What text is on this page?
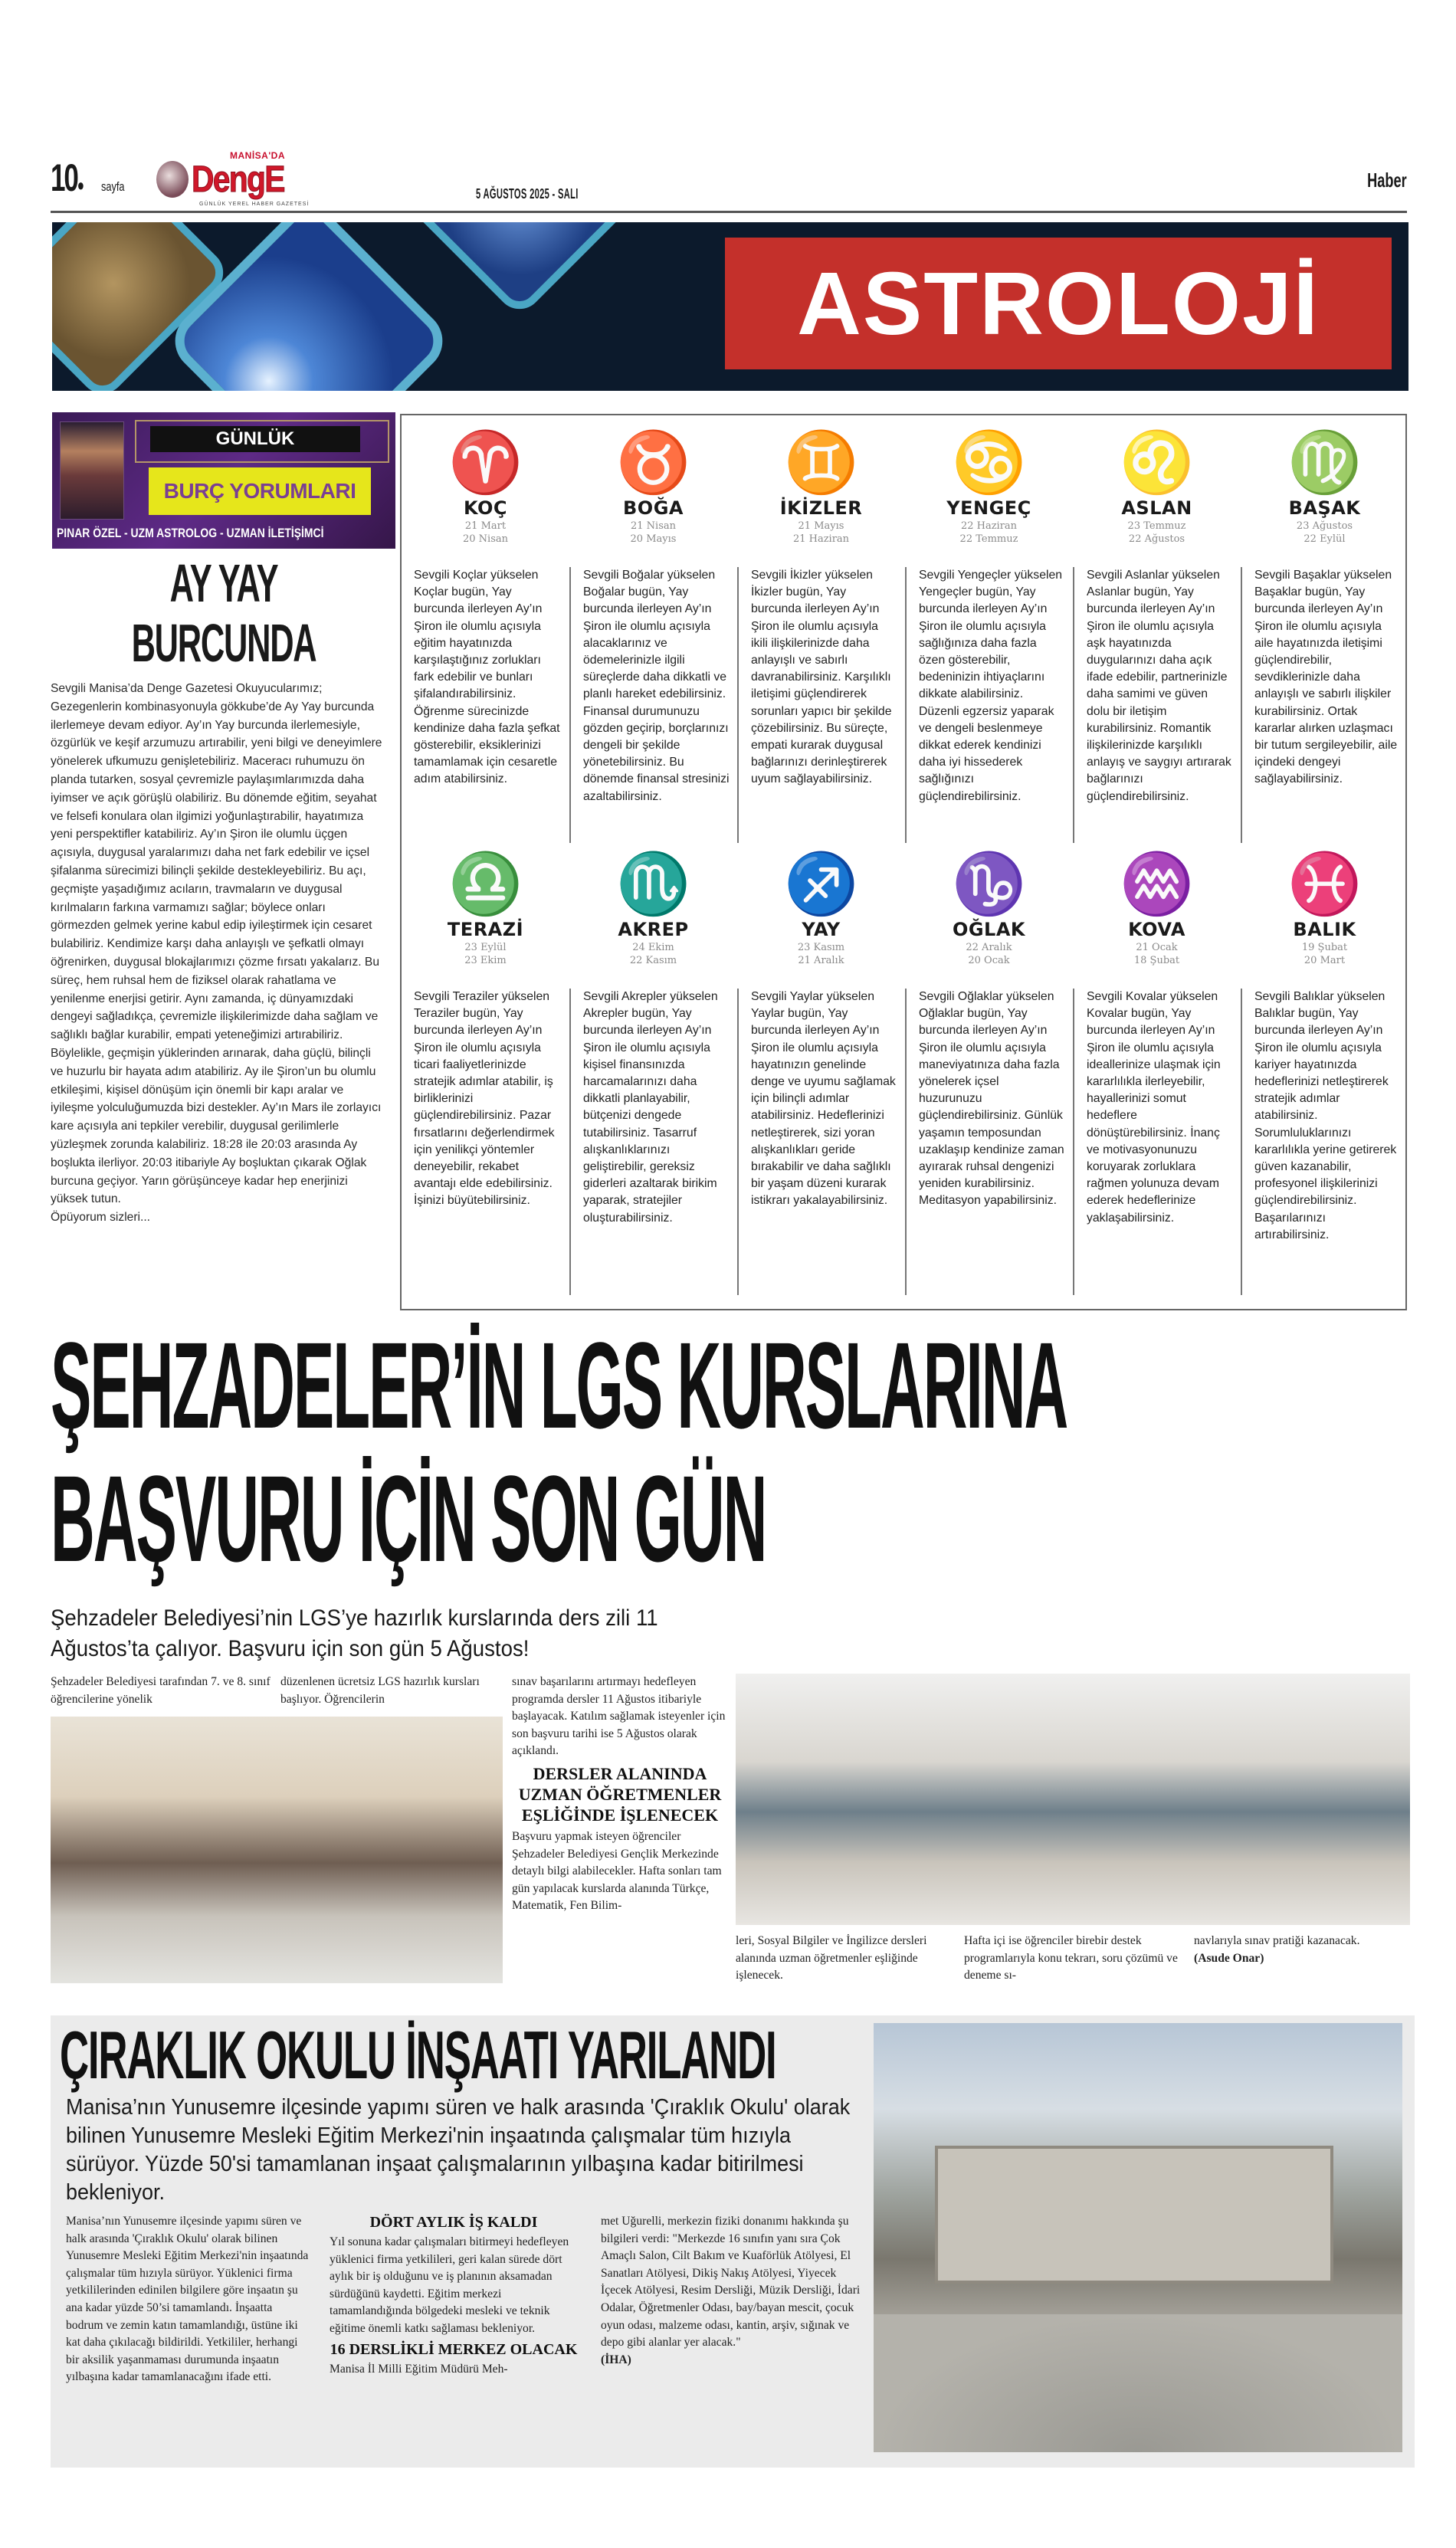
10● sayfa
MANİSA'DA
DengE
GÜNLÜK YEREL HABER GAZETESİ
5 AĞUSTOS 2025 - SALI
Haber
ASTROLOJİ
GÜNLÜK
BURÇ YORUMLARI
PINAR ÖZEL - UZM ASTROLOG - UZMAN İLETİŞİMCİ
AY YAY
BURCUNDA

Sevgili Manisa’da Denge Gazetesi Okuyucularımız; Gezegenlerin kombinasyonuyla gökkube’de Ay Yay burcunda ilerlemeye devam ediyor. Ay’ın Yay burcunda ilerlemesiyle, özgürlük ve keşif arzumuzu artırabilir, yeni bilgi ve deneyimlere yönelerek ufkumuzu genişletebiliriz. Maceracı ruhumuzu ön planda tutarken, sosyal çevremizle paylaşımlarımızda daha iyimser ve açık görüşlü olabiliriz. Bu dönemde eğitim, seyahat ve felsefi konulara olan ilgimizi yoğunlaştırabilir, hayatımıza yeni perspektifler katabiliriz. Ay’ın Şiron ile olumlu üçgen açısıyla, duygusal yaralarımızı daha net fark edebilir ve içsel şifalanma sürecimizi bilinçli şekilde destekleyebiliriz. Bu açı, geçmişte yaşadığımız acıların, travmaların ve duygusal kırılmaların farkına varmamızı sağlar; böylece onları görmezden gelmek yerine kabul edip iyileştirmek için cesaret bulabiliriz. Kendimize karşı daha anlayışlı ve şefkatli olmayı öğrenirken, duygusal blokajlarımızı çözme fırsatı yakalarız. Bu süreç, hem ruhsal hem de fiziksel olarak rahatlama ve yenilenme enerjisi getirir. Aynı zamanda, iç dünyamızdaki dengeyi sağladıkça, çevremizle ilişkilerimizde daha sağlam ve sağlıklı bağlar kurabilir, empati yeteneğimizi artırabiliriz. Böylelikle, geçmişin yüklerinden arınarak, daha güçlü, bilinçli ve huzurlu bir hayata adım atabiliriz. Ay ile Şiron’un bu olumlu etkileşimi, kişisel dönüşüm için önemli bir kapı aralar ve iyileşme yolculuğumuzda bizi destekler. Ay’ın Mars ile zorlayıcı kare açısıyla ani tepkiler verebilir, duygusal gerilimlerle yüzleşmek zorunda kalabiliriz. 18:28 ile 20:03 arasında Ay boşlukta ilerliyor. 20:03 itibariyle Ay boşluktan çıkarak Oğlak burcuna geçiyor. Yarın görüşünceye kadar hep enerjinizi yüksek tutun.

Öpüyorum sizleri...

♈
KOÇ
21 Mart
20 Nisan

Sevgili Koçlar yükselen Koçlar bugün, Yay burcunda ilerleyen Ay’ın Şiron ile olumlu açısıyla eğitim hayatınızda karşılaştığınız zorlukları fark edebilir ve bunları şifalandırabilirsiniz. Öğrenme sürecinizde kendinize daha fazla şefkat gösterebilir, eksiklerinizi tamamlamak için cesaretle adım atabilirsiniz.

♉
BOĞA
21 Nisan
20 Mayıs

Sevgili Boğalar yükselen Boğalar bugün, Yay burcunda ilerleyen Ay’ın Şiron ile olumlu açısıyla alacaklarınız ve ödemelerinizle ilgili süreçlerde daha dikkatli ve planlı hareket edebilirsiniz. Finansal durumunuzu gözden geçirip, borçlarınızı dengeli bir şekilde yönetebilirsiniz. Bu dönemde finansal stresinizi azaltabilirsiniz.

♊
İKİZLER
21 Mayıs
21 Haziran

Sevgili İkizler yükselen İkizler bugün, Yay burcunda ilerleyen Ay’ın Şiron ile olumlu açısıyla ikili ilişkilerinizde daha anlayışlı ve sabırlı davranabilirsiniz. Karşılıklı iletişimi güçlendirerek sorunları yapıcı bir şekilde çözebilirsiniz. Bu süreçte, empati kurarak duygusal bağlarınızı derinleştirerek uyum sağlayabilirsiniz.

♋
YENGEÇ
22 Haziran
22 Temmuz

Sevgili Yengeçler yükselen Yengeçler bugün, Yay burcunda ilerleyen Ay’ın Şiron ile olumlu açısıyla sağlığınıza daha fazla özen gösterebilir, bedeninizin ihtiyaçlarını dikkate alabilirsiniz. Düzenli egzersiz yaparak ve dengeli beslenmeye dikkat ederek kendinizi daha iyi hissederek sağlığınızı güçlendirebilirsiniz.

♌
ASLAN
23 Temmuz
22 Ağustos

Sevgili Aslanlar yükselen Aslanlar bugün, Yay burcunda ilerleyen Ay’ın Şiron ile olumlu açısıyla aşk hayatınızda duygularınızı daha açık ifade edebilir, partnerinizle daha samimi ve güven dolu bir iletişim kurabilirsiniz. Romantik ilişkilerinizde karşılıklı anlayış ve saygıyı artırarak bağlarınızı güçlendirebilirsiniz.

♍
BAŞAK
23 Ağustos
22 Eylül

Sevgili Başaklar yükselen Başaklar bugün, Yay burcunda ilerleyen Ay’ın Şiron ile olumlu açısıyla aile hayatınızda iletişimi güçlendirebilir, sevdiklerinizle daha anlayışlı ve sabırlı ilişkiler kurabilirsiniz. Ortak kararlar alırken uzlaşmacı bir tutum sergileyebilir, aile içindeki dengeyi sağlayabilirsiniz.

♎
TERAZİ
23 Eylül
23 Ekim

Sevgili Teraziler yükselen Teraziler bugün, Yay burcunda ilerleyen Ay’ın Şiron ile olumlu açısıyla ticari faaliyetlerinizde stratejik adımlar atabilir, iş birliklerinizi güçlendirebilirsiniz. Pazar fırsatlarını değerlendirmek için yenilikçi yöntemler deneyebilir, rekabet avantajı elde edebilirsiniz. İşinizi büyütebilirsiniz.

♏
AKREP
24 Ekim
22 Kasım

Sevgili Akrepler yükselen Akrepler bugün, Yay burcunda ilerleyen Ay’ın Şiron ile olumlu açısıyla kişisel finansınızda harcamalarınızı daha dikkatli planlayabilir, bütçenizi dengede tutabilirsiniz. Tasarruf alışkanlıklarınızı geliştirebilir, gereksiz giderleri azaltarak birikim yaparak, stratejiler oluşturabilirsiniz.

♐
YAY
23 Kasım
21 Aralık

Sevgili Yaylar yükselen Yaylar bugün, Yay burcunda ilerleyen Ay’ın Şiron ile olumlu açısıyla hayatınızın genelinde denge ve uyumu sağlamak için bilinçli adımlar atabilirsiniz. Hedeflerinizi netleştirerek, sizi yoran alışkanlıkları geride bırakabilir ve daha sağlıklı bir yaşam düzeni kurarak istikrarı yakalayabilirsiniz.

♑
OĞLAK
22 Aralık
20 Ocak

Sevgili Oğlaklar yükselen Oğlaklar bugün, Yay burcunda ilerleyen Ay’ın Şiron ile olumlu açısıyla maneviyatınıza daha fazla yönelerek içsel huzurunuzu güçlendirebilirsiniz. Günlük yaşamın temposundan uzaklaşıp kendinize zaman ayırarak ruhsal dengenizi yeniden kurabilirsiniz. Meditasyon yapabilirsiniz.

♒
KOVA
21 Ocak
18 Şubat

Sevgili Kovalar yükselen Kovalar bugün, Yay burcunda ilerleyen Ay’ın Şiron ile olumlu açısıyla ideallerinize ulaşmak için kararlılıkla ilerleyebilir, hayallerinizi somut hedeflere dönüştürebilirsiniz. İnanç ve motivasyonunuzu koruyarak zorluklara rağmen yolunuza devam ederek hedeflerinize yaklaşabilirsiniz.

♓
BALIK
19 Şubat
20 Mart

Sevgili Balıklar yükselen Balıklar bugün, Yay burcunda ilerleyen Ay’ın Şiron ile olumlu açısıyla kariyer hayatınızda hedeflerinizi netleştirerek stratejik adımlar atabilirsiniz. Sorumluluklarınızı kararlılıkla yerine getirerek güven kazanabilir, profesyonel ilişkilerinizi güçlendirebilirsiniz. Başarılarınızı artırabilirsiniz.

ŞEHZADELER’İN LGS KURSLARINA
BAŞVURU İÇİN SON GÜN

Şehzadeler Belediyesi’nin LGS’ye hazırlık kurslarında ders zili 11 Ağustos’ta çalıyor. Başvuru için son gün 5 Ağustos!

Şehzadeler Belediyesi tarafından 7. ve 8. sınıf öğrencilerine yönelik

düzenlenen ücretsiz LGS hazırlık kursları başlıyor. Öğrencilerin

sınav başarılarını artırmayı hedefleyen programda dersler 11 Ağustos itibariyle başlayacak. Katılım sağlamak isteyenler için son başvuru tarihi ise 5 Ağustos olarak açıklandı.

DERSLER ALANINDA UZMAN ÖĞRETMENLER EŞLİĞİNDE İŞLENECEK

Başvuru yapmak isteyen öğrenciler Şehzadeler Belediyesi Gençlik Merkezinde detaylı bilgi alabilecekler. Hafta sonları tam gün yapılacak kurslarda alanında Türkçe, Matematik, Fen Bilim-

leri, Sosyal Bilgiler ve İngilizce dersleri alanında uzman öğretmenler eşliğinde işlenecek.

Hafta içi ise öğrenciler birebir destek programlarıyla konu tekrarı, soru çözümü ve deneme sı-

navlarıyla sınav pratiği kazanacak.
(Asude Onar)
ÇIRAKLIK OKULU İNŞAATI YARILANDI

Manisa’nın Yunusemre ilçesinde yapımı süren ve halk arasında 'Çıraklık Okulu' olarak bilinen Yunusemre Mesleki Eğitim Merkezi'nin inşaatında çalışmalar tüm hızıyla sürüyor. Yüzde 50'si tamamlanan inşaat çalışmalarının yılbaşına kadar bitirilmesi bekleniyor.

Manisa’nın Yunusemre ilçesinde yapımı süren ve halk arasında 'Çıraklık Okulu' olarak bilinen Yunusemre Mesleki Eğitim Merkezi'nin inşaatında çalışmalar tüm hızıyla sürüyor. Yüklenici firma yetkililerinden edinilen bilgilere göre inşaatın şu ana kadar yüzde 50’si tamamlandı. İnşaatta bodrum ve zemin katın tamamlandığı, üstüne iki kat daha çıkılacağı bildirildi. Yetkililer, herhangi bir aksilik yaşanmaması durumunda inşaatın yılbaşına kadar tamamlanacağını ifade etti.

DÖRT AYLIK İŞ KALDI

Yıl sonuna kadar çalışmaları bitirmeyi hedefleyen yüklenici firma yetkilileri, geri kalan sürede dört aylık bir iş olduğunu ve iş planının aksamadan sürdüğünü kaydetti. Eğitim merkezi tamamlandığında bölgedeki mesleki ve teknik eğitime önemli katkı sağlaması bekleniyor.

16 DERSLİKLİ MERKEZ OLACAK

Manisa İl Milli Eğitim Müdürü Meh-

met Uğurelli, merkezin fiziki donanımı hakkında şu bilgileri verdi: "Merkezde 16 sınıfın yanı sıra Çok Amaçlı Salon, Cilt Bakım ve Kuaförlük Atölyesi, El Sanatları Atölyesi, Dikiş Nakış Atölyesi, Yiyecek İçecek Atölyesi, Resim Dersliği, Müzik Dersliği, İdari Odalar, Öğretmenler Odası, bay/bayan mescit, çocuk oyun odası, malzeme odası, kantin, arşiv, sığınak ve depo gibi alanlar yer alacak."
(İHA)
